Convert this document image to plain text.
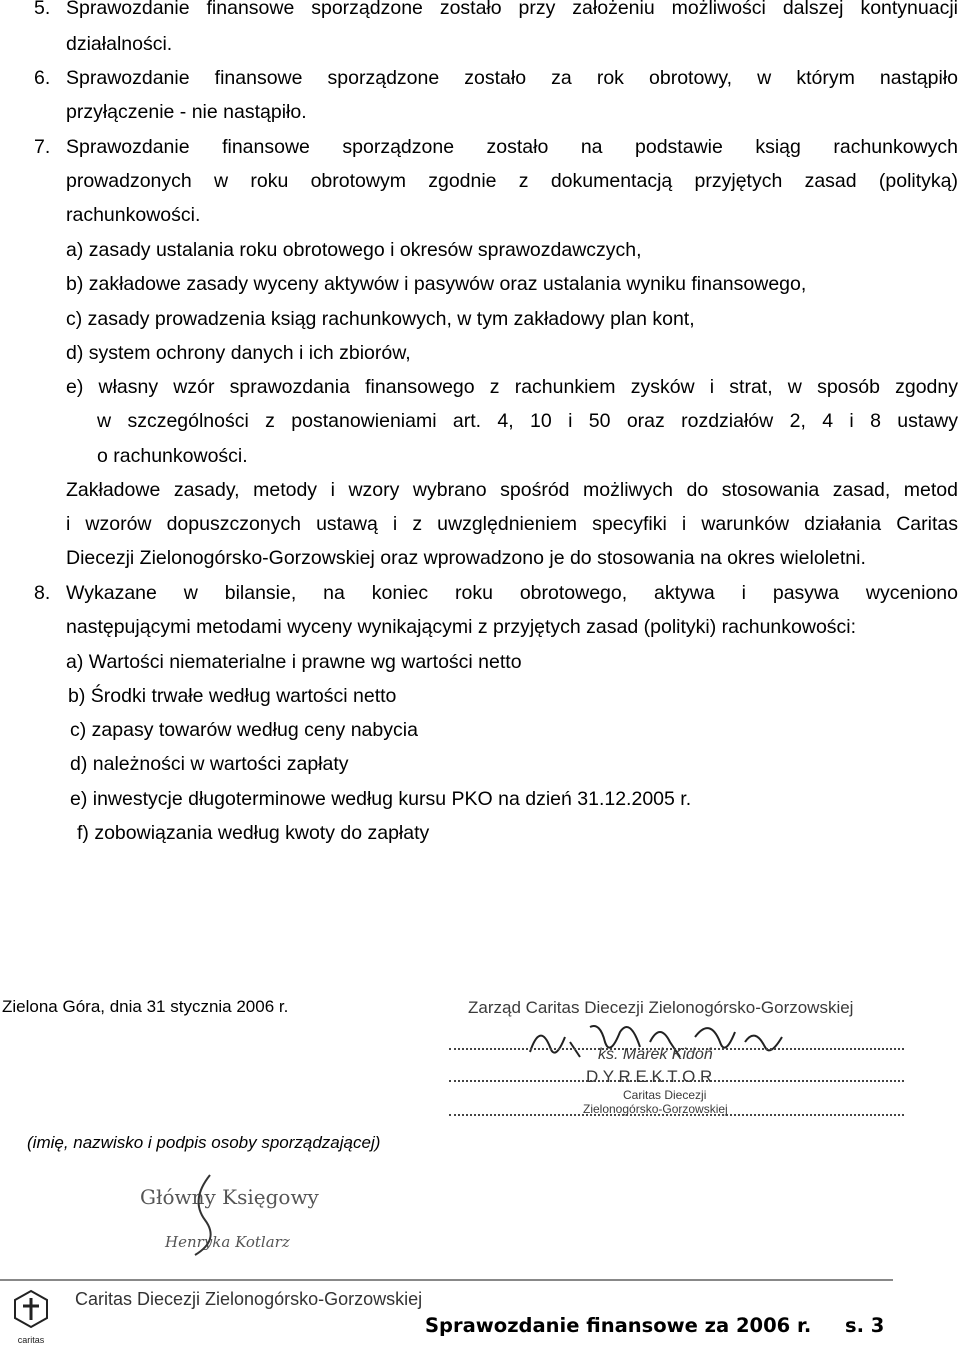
5. Sprawozdanie finansowe sporządzone zostało przy założeniu możliwości dalszej kontynuacji
działalności.
6. Sprawozdanie finansowe sporządzone zostało za rok obrotowy, w którym nastąpiło
przyłączenie - nie nastąpiło.
7. Sprawozdanie finansowe sporządzone zostało na podstawie ksiąg rachunkowych
prowadzonych w roku obrotowym zgodnie z dokumentacją przyjętych zasad (polityką)
rachunkowości.
a) zasady ustalania roku obrotowego i okresów sprawozdawczych,
b) zakładowe zasady wyceny aktywów i pasywów oraz ustalania wyniku finansowego,
c) zasady prowadzenia ksiąg rachunkowych, w tym zakładowy plan kont,
d) system ochrony danych i ich zbiorów,
e) własny wzór sprawozdania finansowego z rachunkiem zysków i strat, w sposób zgodny
w szczególności z postanowieniami art. 4, 10 i 50 oraz rozdziałów 2, 4 i 8 ustawy
o rachunkowości.
Zakładowe zasady, metody i wzory wybrano spośród możliwych do stosowania zasad, metod
i wzorów dopuszczonych ustawą i z uwzględnieniem specyfiki i warunków działania Caritas
Diecezji Zielonogórsko-Gorzowskiej oraz wprowadzono je do stosowania na okres wieloletni.
8. Wykazane w bilansie, na koniec roku obrotowego, aktywa i pasywa wyceniono
następującymi metodami wyceny wynikającymi z przyjętych zasad (polityki) rachunkowości:
a) Wartości niematerialne i prawne wg wartości netto
b) Środki trwałe według wartości netto
c) zapasy towarów według ceny nabycia
d) należności w wartości zapłaty
e) inwestycje długoterminowe według kursu PKO na dzień 31.12.2005 r.
f) zobowiązania według kwoty do zapłaty
Zielona Góra, dnia 31 stycznia 2006 r.	Zarząd Caritas Diecezji Zielonogórsko-Gorzowskiej
ks. Marek Kidoń
D Y R E K T O R
Caritas Diecezji
Zielonogórsko-Gorzowskiej
(imię, nazwisko i podpis osoby sporządzającej)
Główny Księgowy
Henryka Kotlarz
caritas
Caritas Diecezji Zielonogórsko-Gorzowskiej
Sprawozdanie finansowe za 2006 r. s. 3
